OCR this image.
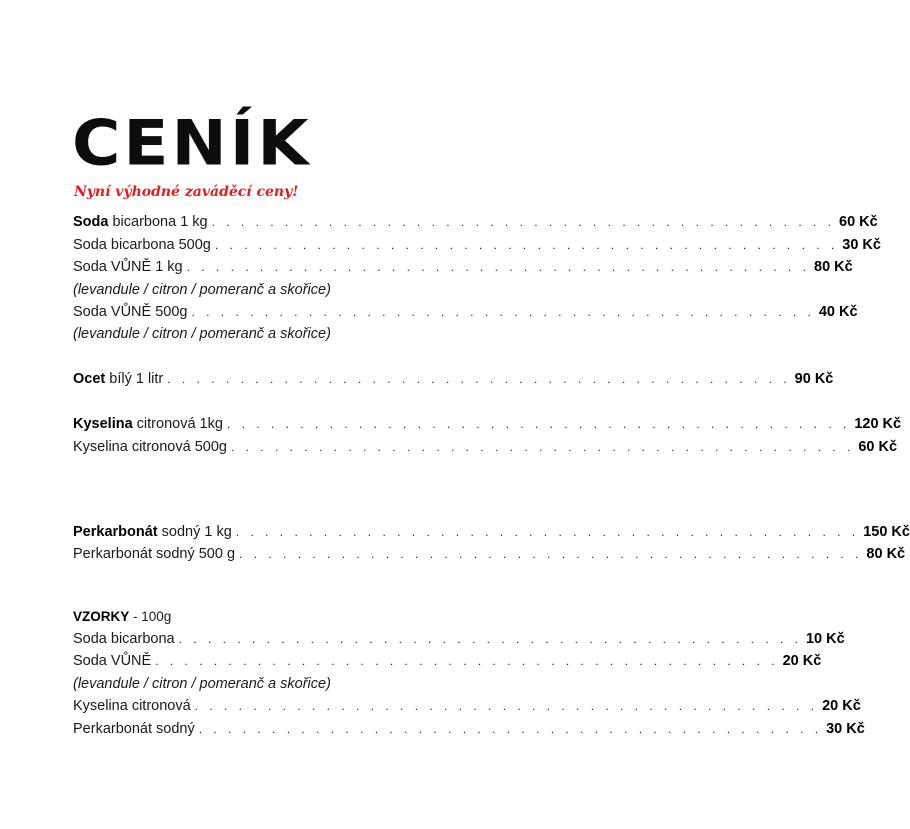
CENÍK
Nyní výhodné zaváděcí ceny!
Soda bicarbona 1 kg . . . . . . . . . . . . . . . . . . . . . . . . . . . . . . . . . . . . . . . . . . . 60 Kč
Soda bicarbona 500g . . . . . . . . . . . . . . . . . . . . . . . . . . . . . . . . . . . . . . . . . . . 30 Kč
Soda VŮNĚ 1 kg . . . . . . . . . . . . . . . . . . . . . . . . . . . . . . . . . . . . . . . . . . . 80 Kč
(levandule / citron / pomeranč a skořice)
Soda VŮNĚ 500g . . . . . . . . . . . . . . . . . . . . . . . . . . . . . . . . . . . . . . . . . . . 40 Kč
(levandule / citron / pomeranč a skořice)
Ocet bílý 1 litr . . . . . . . . . . . . . . . . . . . . . . . . . . . . . . . . . . . . . . . . . . . 90 Kč
Kyselina citronová 1kg . . . . . . . . . . . . . . . . . . . . . . . . . . . . . . . . . . . . . . . . . . . 120 Kč
Kyselina citronová 500g . . . . . . . . . . . . . . . . . . . . . . . . . . . . . . . . . . . . . . . . . . . 60 Kč
Perkarbonát sodný 1 kg . . . . . . . . . . . . . . . . . . . . . . . . . . . . . . . . . . . . . . . . . . . 150 Kč
Perkarbonát sodný 500 g . . . . . . . . . . . . . . . . . . . . . . . . . . . . . . . . . . . . . . . . . . . 80 Kč
VZORKY - 100g
Soda bicarbona . . . . . . . . . . . . . . . . . . . . . . . . . . . . . . . . . . . . . . . . . . . 10 Kč
Soda VŮNĚ . . . . . . . . . . . . . . . . . . . . . . . . . . . . . . . . . . . . . . . . . . . 20 Kč
(levandule / citron / pomeranč a skořice)
Kyselina citronová . . . . . . . . . . . . . . . . . . . . . . . . . . . . . . . . . . . . . . . . . . . 20 Kč
Perkarbonát sodný . . . . . . . . . . . . . . . . . . . . . . . . . . . . . . . . . . . . . . . . . . . 30 Kč
